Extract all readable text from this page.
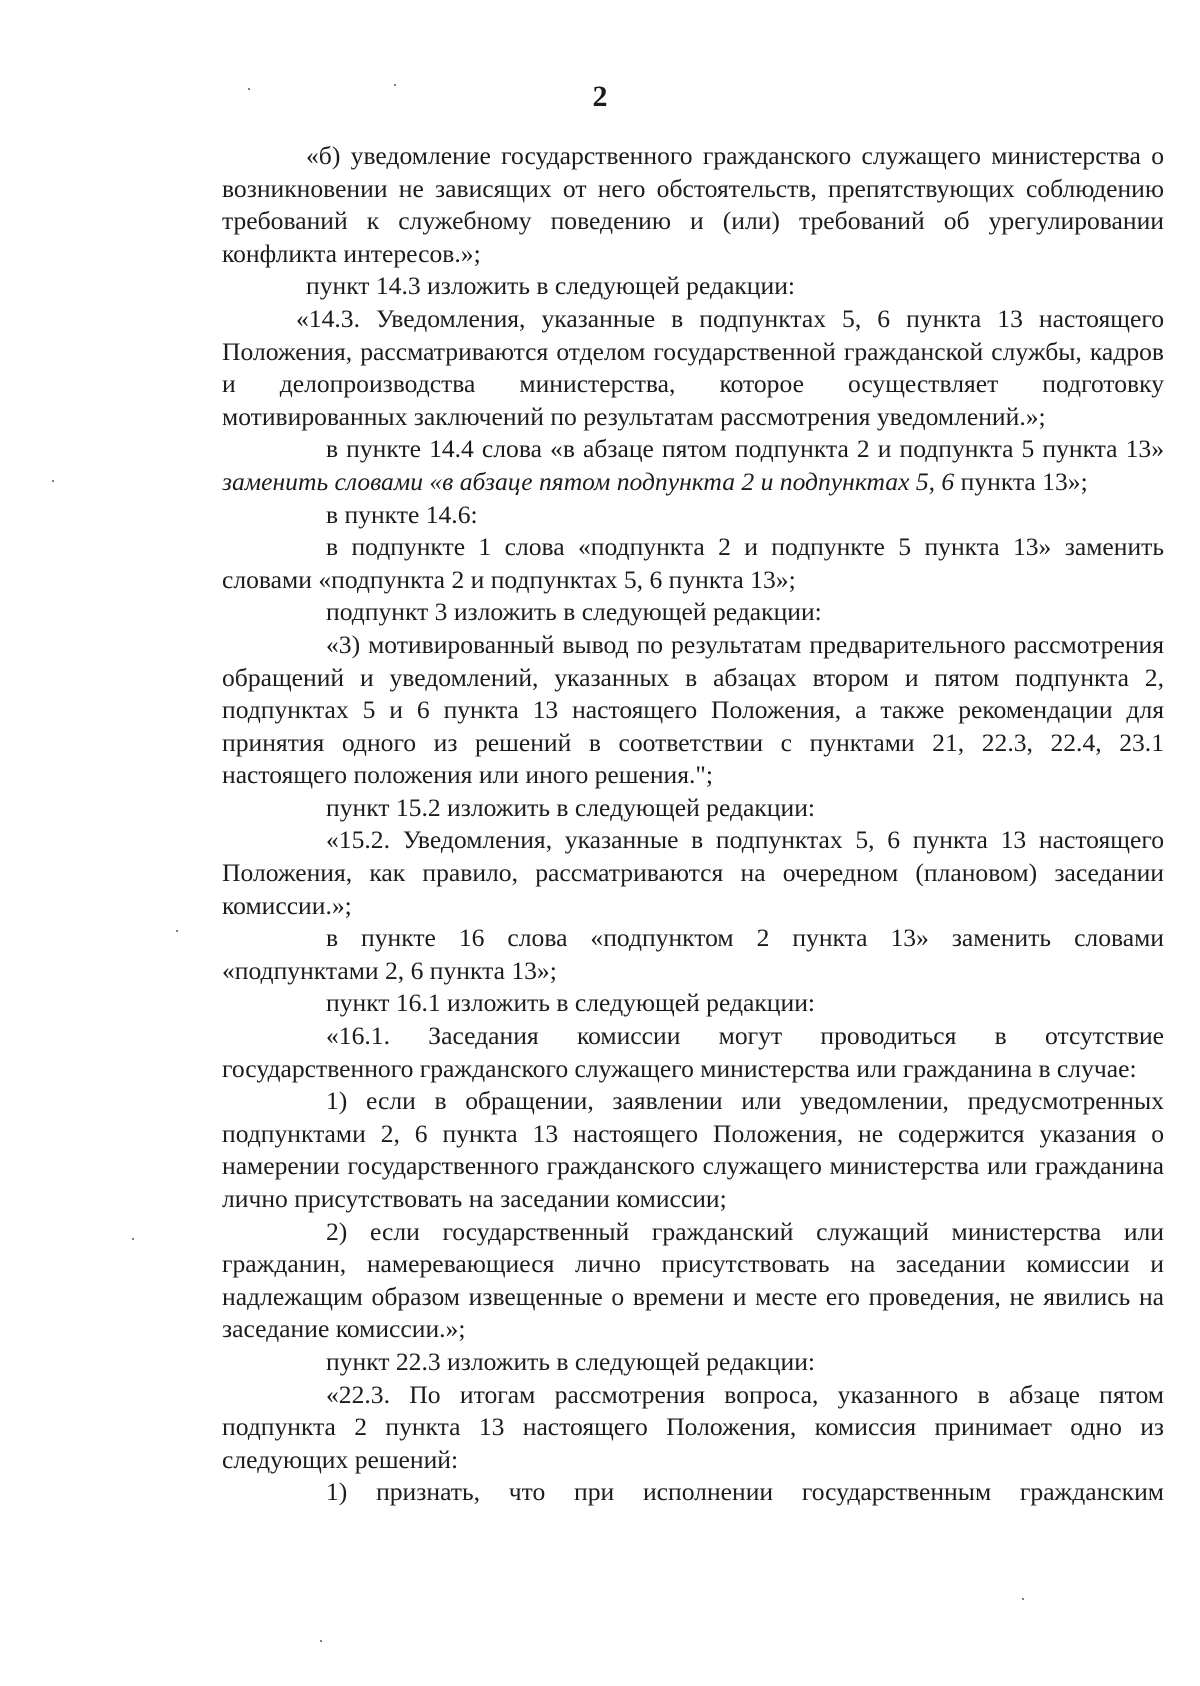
2

«б) уведомление государственного гражданского служащего министерства о возникновении не зависящих от него обстоятельств, препятствующих соблюдению требований к служебному поведению и (или) требований об урегулировании конфликта интересов.»;

пункт 14.3 изложить в следующей редакции:

«14.3. Уведомления, указанные в подпунктах 5, 6 пункта 13 настоящего Положения, рассматриваются отделом государственной гражданской службы, кадров и делопроизводства министерства, которое осуществляет подготовку мотивированных заключений по результатам рассмотрения уведомлений.»;

в пункте 14.4 слова «в абзаце пятом подпункта 2 и подпункта 5 пункта 13» заменить словами «в абзаце пятом подпункта 2 и подпунктах 5, 6 пункта 13»;

в пункте 14.6:

в подпункте 1 слова «подпункта 2 и подпункте 5 пункта 13» заменить словами «подпункта 2 и подпунктах 5, 6 пункта 13»;

подпункт 3 изложить в следующей редакции:

«3) мотивированный вывод по результатам предварительного рассмотрения обращений и уведомлений, указанных в абзацах втором и пятом подпункта 2, подпунктах 5 и 6 пункта 13 настоящего Положения, а также рекомендации для принятия одного из решений в соответствии с пунктами 21, 22.3, 22.4, 23.1 настоящего положения или иного решения.";

пункт 15.2 изложить в следующей редакции:

«15.2. Уведомления, указанные в подпунктах 5, 6 пункта 13 настоящего Положения, как правило, рассматриваются на очередном (плановом) заседании комиссии.»;

в пункте 16 слова «подпунктом 2 пункта 13» заменить словами «подпунктами 2, 6 пункта 13»;

пункт 16.1 изложить в следующей редакции:

«16.1. Заседания комиссии могут проводиться в отсутствие государственного гражданского служащего министерства или гражданина в случае:

1) если в обращении, заявлении или уведомлении, предусмотренных подпунктами 2, 6 пункта 13 настоящего Положения, не содержится указания о намерении государственного гражданского служащего министерства или гражданина лично присутствовать на заседании комиссии;

2) если государственный гражданский служащий министерства или гражданин, намеревающиеся лично присутствовать на заседании комиссии и надлежащим образом извещенные о времени и месте его проведения, не явились на заседание комиссии.»;

пункт 22.3 изложить в следующей редакции:

«22.3. По итогам рассмотрения вопроса, указанного в абзаце пятом подпункта 2 пункта 13 настоящего Положения, комиссия принимает одно из следующих решений:

1) признать, что при исполнении государственным гражданским
